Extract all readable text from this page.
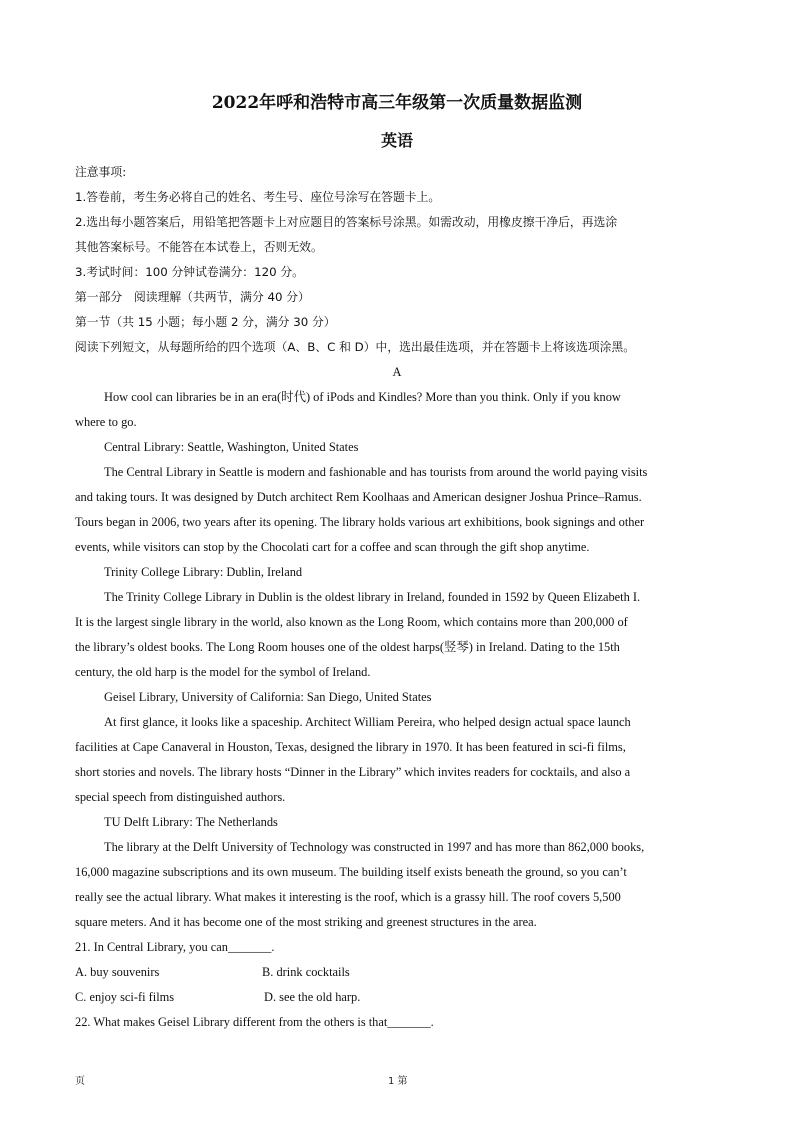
2022年呼和浩特市高三年级第一次质量数据监测
英语
注意事项:
1.答卷前，考生务必将自己的姓名、考生号、座位号涂写在答题卡上。
2.选出每小题答案后，用铅笔把答题卡上对应题目的答案标号涂黑。如需改动，用橡皮擦干净后，再选涂
其他答案标号。不能答在本试卷上，否则无效。
3.考试时间：100 分钟试卷满分：120 分。
第一部分　阅读理解（共两节，满分 40 分）
第一节（共 15 小题；每小题 2 分，满分 30 分）
阅读下列短文，从每题所给的四个选项（A、B、C 和 D）中，选出最佳选项，并在答题卡上将该选项涂黑。
A
How cool can libraries be in an era(时代) of iPods and Kindles? More than you think. Only if you know
where to go.
Central Library: Seattle, Washington, United States
The Central Library in Seattle is modern and fashionable and has tourists from around the world paying visits
and taking tours. It was designed by Dutch architect Rem Koolhaas and American designer Joshua Prince–Ramus.
Tours began in 2006, two years after its opening. The library holds various art exhibitions, book signings and other
events, while visitors can stop by the Chocolati cart for a coffee and scan through the gift shop anytime.
Trinity College Library: Dublin, Ireland
The Trinity College Library in Dublin is the oldest library in Ireland, founded in 1592 by Queen Elizabeth I.
It is the largest single library in the world, also known as the Long Room, which contains more than 200,000 of
the library’s oldest books. The Long Room houses one of the oldest harps(竖琴) in Ireland. Dating to the 15th
century, the old harp is the model for the symbol of Ireland.
Geisel Library, University of California: San Diego, United States
At first glance, it looks like a spaceship. Architect William Pereira, who helped design actual space launch
facilities at Cape Canaveral in Houston, Texas, designed the library in 1970. It has been featured in sci-fi films,
short stories and novels. The library hosts “Dinner in the Library” which invites readers for cocktails, and also a
special speech from distinguished authors.
TU Delft Library: The Netherlands
The library at the Delft University of Technology was constructed in 1997 and has more than 862,000 books,
16,000 magazine subscriptions and its own museum. The building itself exists beneath the ground, so you can’t
really see the actual library. What makes it interesting is the roof, which is a grassy hill. The roof covers 5,500
square meters. And it has become one of the most striking and greenest structures in the area.
21. In Central Library, you can_______.
A. buy souvenirs	B. drink cocktails
C. enjoy sci-fi films	D. see the old harp.
22. What makes Geisel Library different from the others is that_______.
页	1 第
